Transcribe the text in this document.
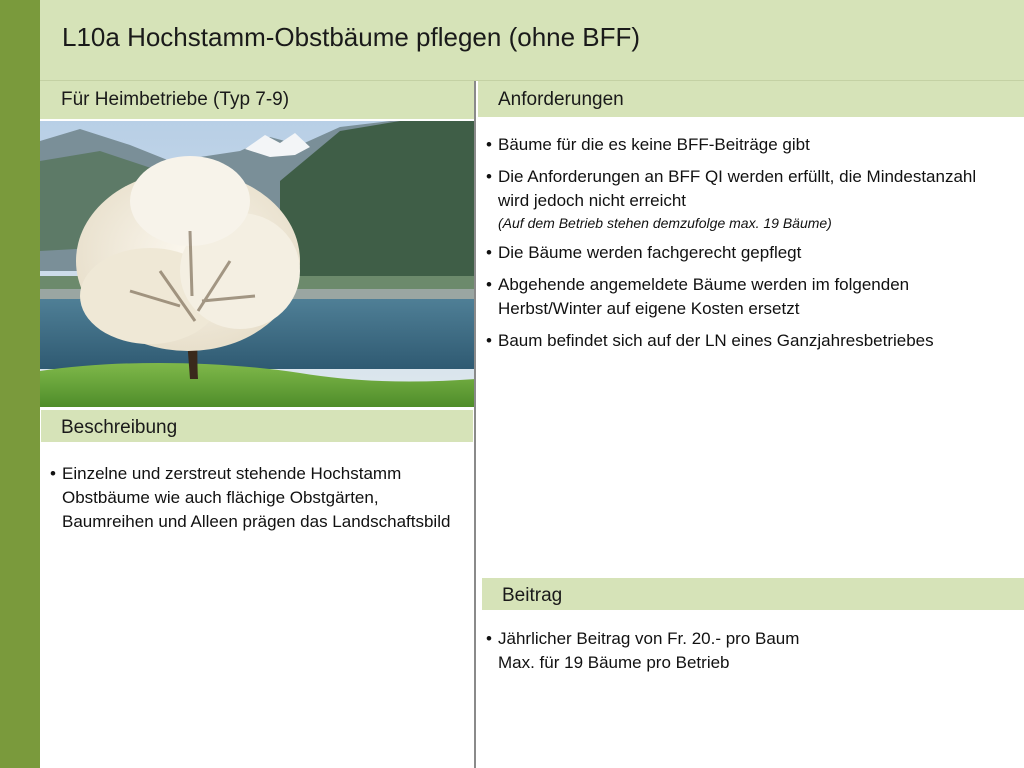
L10a Hochstamm-Obstbäume pflegen (ohne BFF)
Für Heimbetriebe (Typ 7-9)
Beschreibung
• Einzelne und zerstreut stehende Hochstamm Obstbäume wie auch flächige Obstgärten, Baumreihen und Alleen prägen das Landschaftsbild
Anforderungen
• Bäume für die es keine BFF-Beiträge gibt
• Die Anforderungen an BFF QI werden erfüllt, die Mindestanzahl wird jedoch nicht erreicht
(Auf dem Betrieb stehen demzufolge max. 19 Bäume)
• Die Bäume werden fachgerecht gepflegt
• Abgehende angemeldete Bäume werden im folgenden Herbst/Winter auf eigene Kosten ersetzt
• Baum befindet sich auf der LN eines Ganzjahresbetriebes
Beitrag
• Jährlicher Beitrag von Fr. 20.- pro Baum
Max. für 19 Bäume pro Betrieb
